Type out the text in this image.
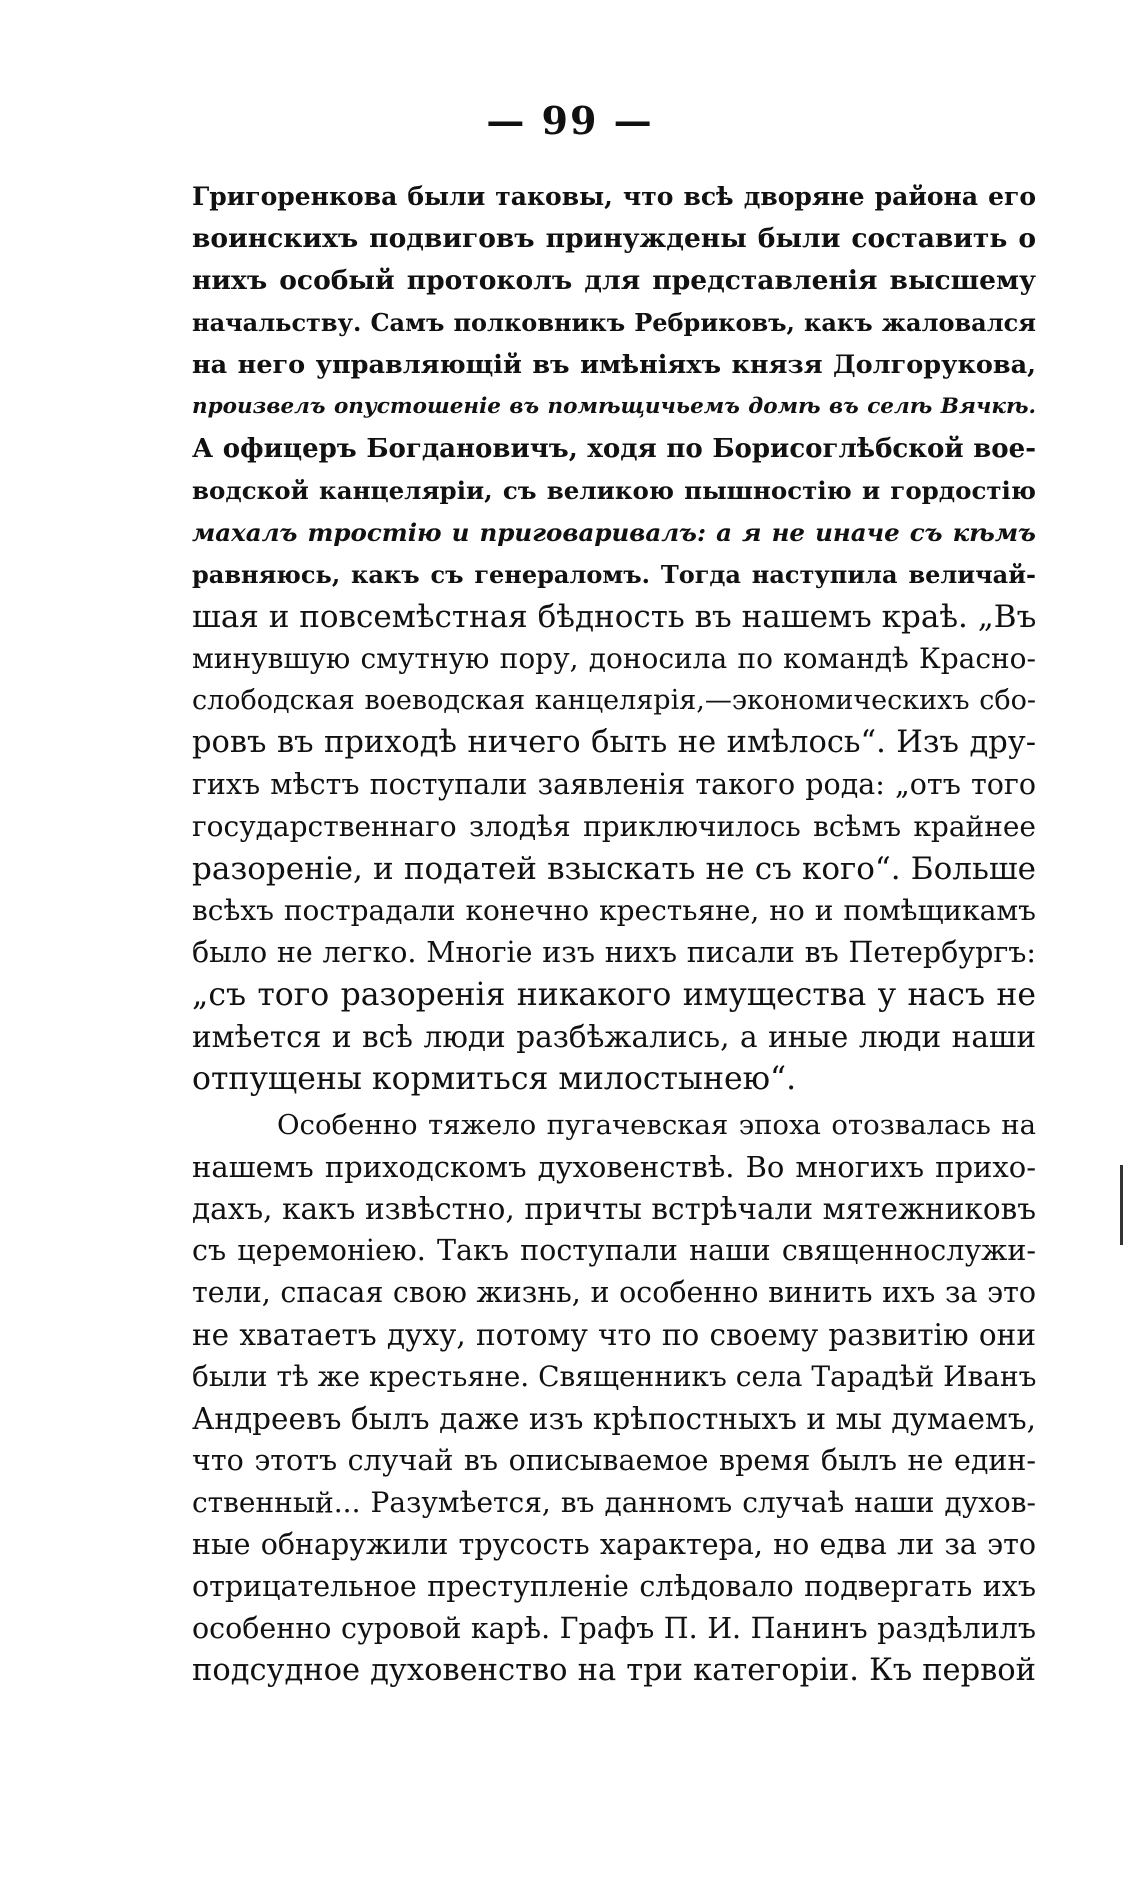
— 99 —
Григоренкова были таковы, что всѣ дворяне района его
воинскихъ подвиговъ принуждены были составить о
нихъ особый протоколъ для представленія высшему
начальству. Самъ полковникъ Ребриковъ, какъ жаловался
на него управляющій въ имѣніяхъ князя Долгорукова,
произвелъ опустошеніе въ помѣщичьемъ домѣ въ селѣ Вячкѣ.
А офицеръ Богдановичъ, ходя по Борисоглѣбской вое-
водской канцеляріи, съ великою пышностію и гордостію
махалъ тростію и приговаривалъ: а я не иначе съ кѣмъ
равняюсь, какъ съ генераломъ. Тогда наступила величай-
шая и повсемѣстная бѣдность въ нашемъ краѣ. „Въ
минувшую смутную пору, доносила по командѣ Красно-
слободская воеводская канцелярія,—экономическихъ сбо-
ровъ въ приходѣ ничего быть не имѣлось“. Изъ дру-
гихъ мѣстъ поступали заявленія такого рода: „отъ того
государственнаго злодѣя приключилось всѣмъ крайнее
разореніе, и податей взыскать не съ кого“. Больше
всѣхъ пострадали конечно крестьяне, но и помѣщикамъ
было не легко. Многіе изъ нихъ писали въ Петербургъ:
„съ того разоренія никакого имущества у насъ не
имѣется и всѣ люди разбѣжались, а иные люди наши
отпущены кормиться милостынею“.
Особенно тяжело пугачевская эпоха отозвалась на
нашемъ приходскомъ духовенствѣ. Во многихъ прихо-
дахъ, какъ извѣстно, причты встрѣчали мятежниковъ
съ церемоніею. Такъ поступали наши священнослужи-
тели, спасая свою жизнь, и особенно винить ихъ за это
не хватаетъ духу, потому что по своему развитію они
были тѣ же крестьяне. Священникъ села Тарадѣй Иванъ
Андреевъ былъ даже изъ крѣпостныхъ и мы думаемъ,
что этотъ случай въ описываемое время былъ не един-
ственный... Разумѣется, въ данномъ случаѣ наши духов-
ные обнаружили трусость характера, но едва ли за это
отрицательное преступленіе слѣдовало подвергать ихъ
особенно суровой карѣ. Графъ П. И. Панинъ раздѣлилъ
подсудное духовенство на три категоріи. Къ первой
